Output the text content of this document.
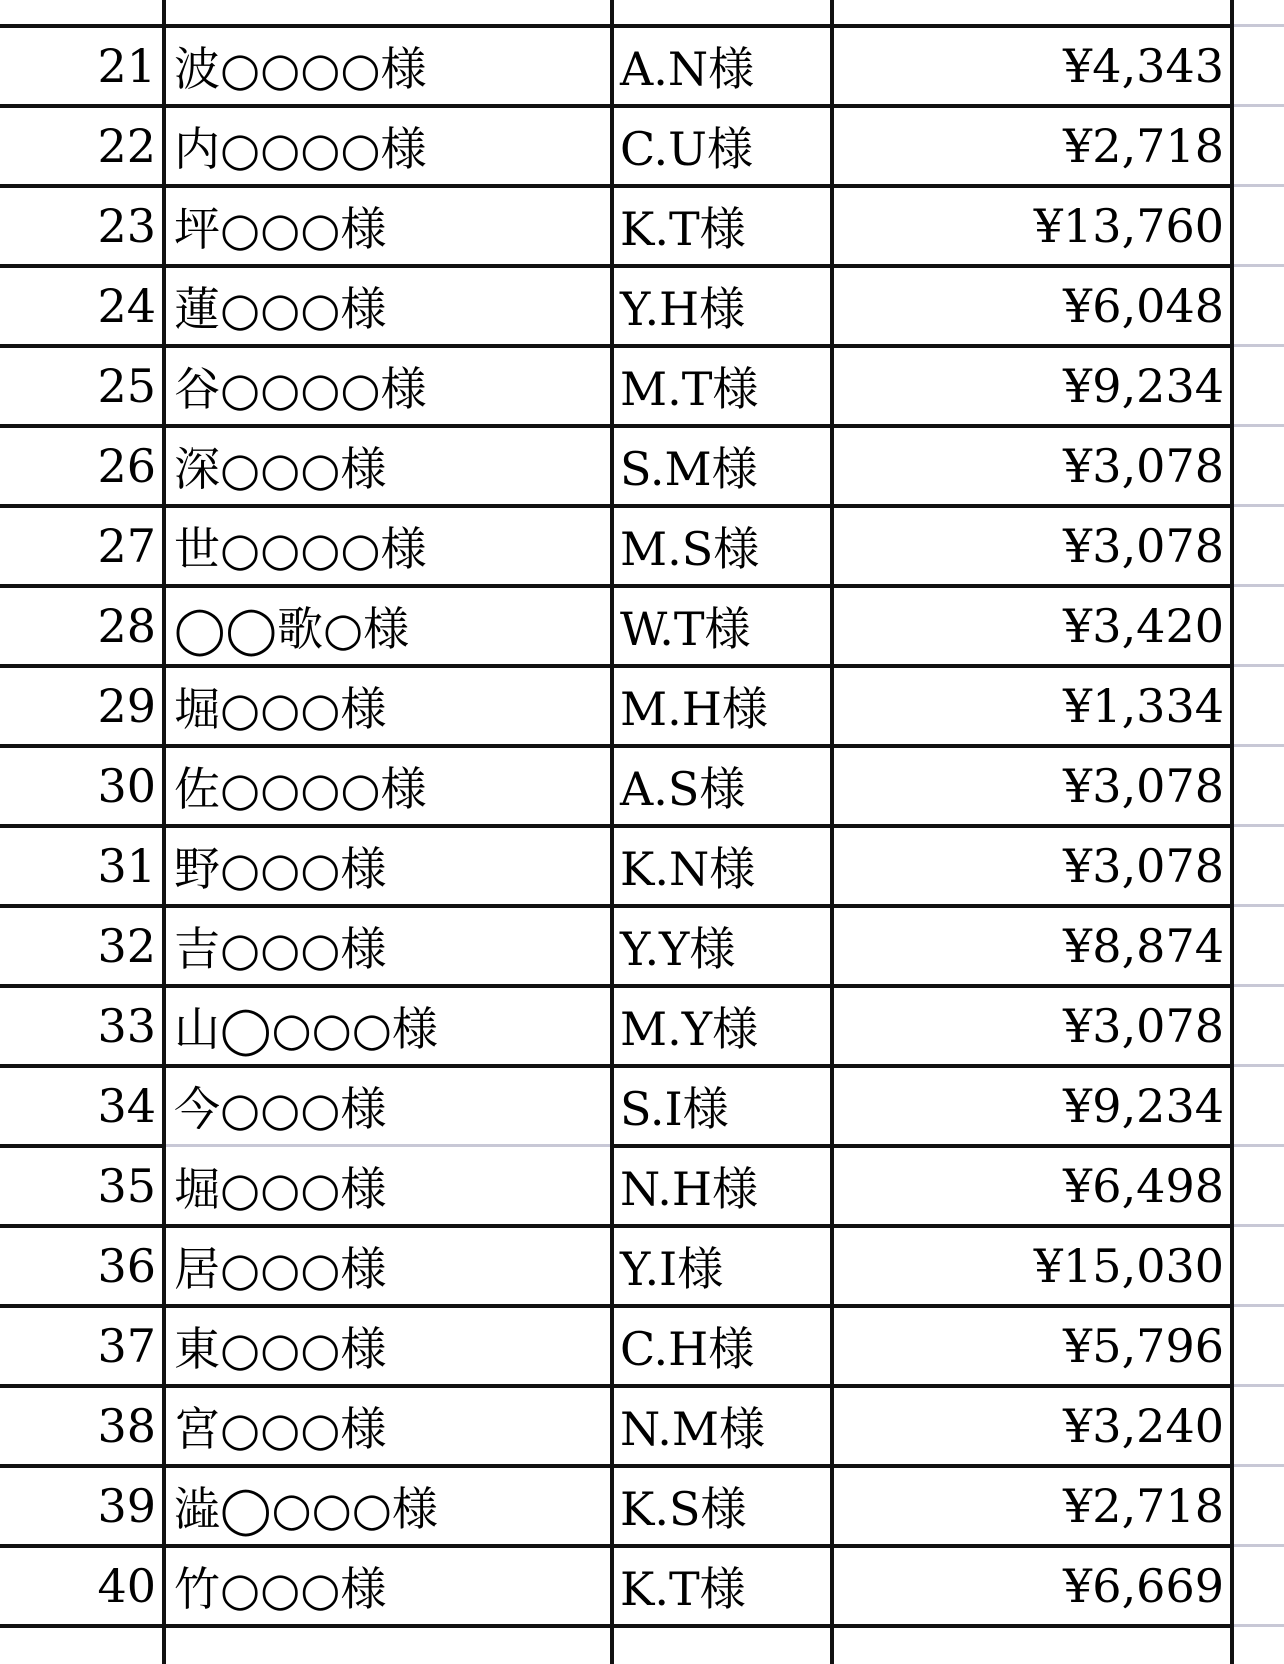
21 波○○○○様	A.N様	¥4,343
22 内○○○○様	C.U様	¥2,718
23 坪○○○様	K.T様	¥13,760
24 蓮○○○様	Y.H様	¥6,048
25 谷○○○○様	M.T様	¥9,234
26 深○○○様	S.M様	¥3,078
27 世○○○○様	M.S様	¥3,078
28 ◯◯歌○様	W.T様	¥3,420
29 堀○○○様	M.H様	¥1,334
30 佐○○○○様	A.S様	¥3,078
31 野○○○様	K.N様	¥3,078
32 吉○○○様	Y.Y様	¥8,874
33 山◯○○○様	M.Y様	¥3,078
34 今○○○様	S.I様	¥9,234
35 堀○○○様	N.H様	¥6,498
36 居○○○様	Y.I様	¥15,030
37 東○○○様	C.H様	¥5,796
38 宮○○○様	N.M様	¥3,240
39 澁◯○○○様	K.S様	¥2,718
40 竹○○○様	K.T様	¥6,669
